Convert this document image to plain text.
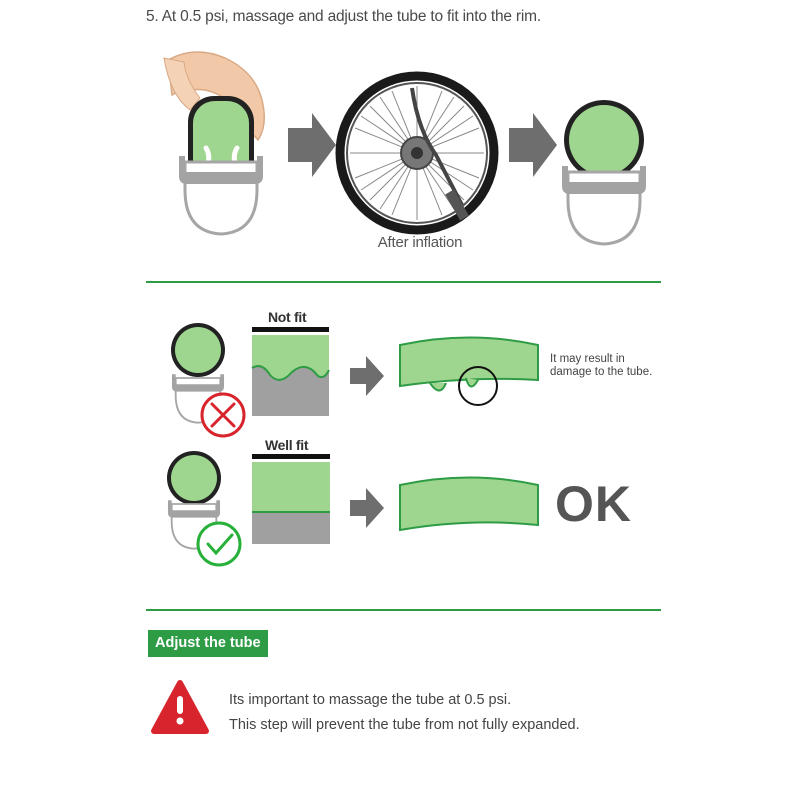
5. At 0.5 psi, massage and adjust the tube to fit into the rim.
After inflation
Not fit
It may result in
damage to the tube.
Well fit
OK
Adjust the tube
Its important to massage the tube at 0.5 psi.
This step will prevent the tube from not fully expanded.
